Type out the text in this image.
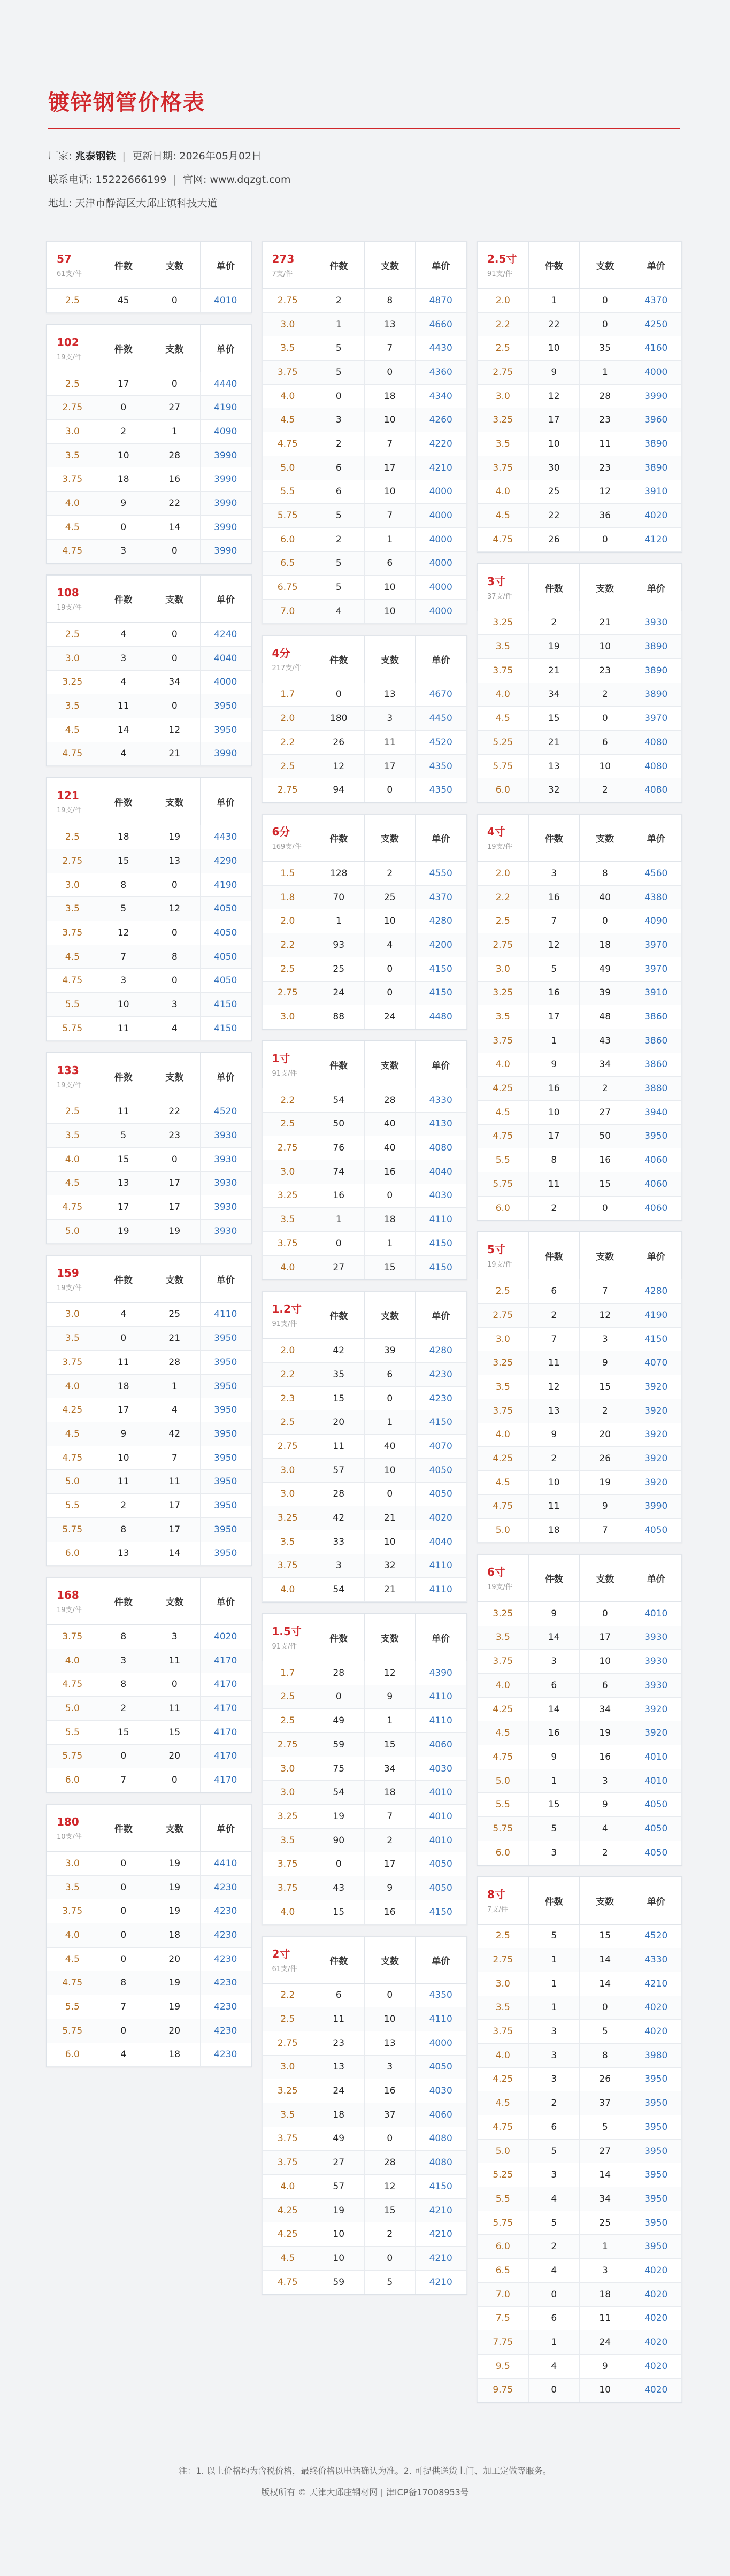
镀锌钢管价格表
厂家: 兆泰钢铁 | 更新日期: 2026年05月02日
联系电话: 15222666199 | 官网: www.dqzgt.com
地址: 天津市静海区大邱庄镇科技大道
57
61支/件	件数	支数	单价
2.5	45	0	4010
102
19支/件	件数	支数	单价
2.5	17	0	4440
2.75	0	27	4190
3.0	2	1	4090
3.5	10	28	3990
3.75	18	16	3990
4.0	9	22	3990
4.5	0	14	3990
4.75	3	0	3990
108
19支/件	件数	支数	单价
2.5	4	0	4240
3.0	3	0	4040
3.25	4	34	4000
3.5	11	0	3950
4.5	14	12	3950
4.75	4	21	3990
121
19支/件	件数	支数	单价
2.5	18	19	4430
2.75	15	13	4290
3.0	8	0	4190
3.5	5	12	4050
3.75	12	0	4050
4.5	7	8	4050
4.75	3	0	4050
5.5	10	3	4150
5.75	11	4	4150
133
19支/件	件数	支数	单价
2.5	11	22	4520
3.5	5	23	3930
4.0	15	0	3930
4.5	13	17	3930
4.75	17	17	3930
5.0	19	19	3930
159
19支/件	件数	支数	单价
3.0	4	25	4110
3.5	0	21	3950
3.75	11	28	3950
4.0	18	1	3950
4.25	17	4	3950
4.5	9	42	3950
4.75	10	7	3950
5.0	11	11	3950
5.5	2	17	3950
5.75	8	17	3950
6.0	13	14	3950
168
19支/件	件数	支数	单价
3.75	8	3	4020
4.0	3	11	4170
4.75	8	0	4170
5.0	2	11	4170
5.5	15	15	4170
5.75	0	20	4170
6.0	7	0	4170
180
10支/件	件数	支数	单价
3.0	0	19	4410
3.5	0	19	4230
3.75	0	19	4230
4.0	0	18	4230
4.5	0	20	4230
4.75	8	19	4230
5.5	7	19	4230
5.75	0	20	4230
6.0	4	18	4230
273
7支/件	件数	支数	单价
2.75	2	8	4870
3.0	1	13	4660
3.5	5	7	4430
3.75	5	0	4360
4.0	0	18	4340
4.5	3	10	4260
4.75	2	7	4220
5.0	6	17	4210
5.5	6	10	4000
5.75	5	7	4000
6.0	2	1	4000
6.5	5	6	4000
6.75	5	10	4000
7.0	4	10	4000
4分
217支/件	件数	支数	单价
1.7	0	13	4670
2.0	180	3	4450
2.2	26	11	4520
2.5	12	17	4350
2.75	94	0	4350
6分
169支/件	件数	支数	单价
1.5	128	2	4550
1.8	70	25	4370
2.0	1	10	4280
2.2	93	4	4200
2.5	25	0	4150
2.75	24	0	4150
3.0	88	24	4480
1寸
91支/件	件数	支数	单价
2.2	54	28	4330
2.5	50	40	4130
2.75	76	40	4080
3.0	74	16	4040
3.25	16	0	4030
3.5	1	18	4110
3.75	0	1	4150
4.0	27	15	4150
1.2寸
91支/件	件数	支数	单价
2.0	42	39	4280
2.2	35	6	4230
2.3	15	0	4230
2.5	20	1	4150
2.75	11	40	4070
3.0	57	10	4050
3.0	28	0	4050
3.25	42	21	4020
3.5	33	10	4040
3.75	3	32	4110
4.0	54	21	4110
1.5寸
91支/件	件数	支数	单价
1.7	28	12	4390
2.5	0	9	4110
2.5	49	1	4110
2.75	59	15	4060
3.0	75	34	4030
3.0	54	18	4010
3.25	19	7	4010
3.5	90	2	4010
3.75	0	17	4050
3.75	43	9	4050
4.0	15	16	4150
2寸
61支/件	件数	支数	单价
2.2	6	0	4350
2.5	11	10	4110
2.75	23	13	4000
3.0	13	3	4050
3.25	24	16	4030
3.5	18	37	4060
3.75	49	0	4080
3.75	27	28	4080
4.0	57	12	4150
4.25	19	15	4210
4.25	10	2	4210
4.5	10	0	4210
4.75	59	5	4210
2.5寸
91支/件	件数	支数	单价
2.0	1	0	4370
2.2	22	0	4250
2.5	10	35	4160
2.75	9	1	4000
3.0	12	28	3990
3.25	17	23	3960
3.5	10	11	3890
3.75	30	23	3890
4.0	25	12	3910
4.5	22	36	4020
4.75	26	0	4120
3寸
37支/件	件数	支数	单价
3.25	2	21	3930
3.5	19	10	3890
3.75	21	23	3890
4.0	34	2	3890
4.5	15	0	3970
5.25	21	6	4080
5.75	13	10	4080
6.0	32	2	4080
4寸
19支/件	件数	支数	单价
2.0	3	8	4560
2.2	16	40	4380
2.5	7	0	4090
2.75	12	18	3970
3.0	5	49	3970
3.25	16	39	3910
3.5	17	48	3860
3.75	1	43	3860
4.0	9	34	3860
4.25	16	2	3880
4.5	10	27	3940
4.75	17	50	3950
5.5	8	16	4060
5.75	11	15	4060
6.0	2	0	4060
5寸
19支/件	件数	支数	单价
2.5	6	7	4280
2.75	2	12	4190
3.0	7	3	4150
3.25	11	9	4070
3.5	12	15	3920
3.75	13	2	3920
4.0	9	20	3920
4.25	2	26	3920
4.5	10	19	3920
4.75	11	9	3990
5.0	18	7	4050
6寸
19支/件	件数	支数	单价
3.25	9	0	4010
3.5	14	17	3930
3.75	3	10	3930
4.0	6	6	3930
4.25	14	34	3920
4.5	16	19	3920
4.75	9	16	4010
5.0	1	3	4010
5.5	15	9	4050
5.75	5	4	4050
6.0	3	2	4050
8寸
7支/件	件数	支数	单价
2.5	5	15	4520
2.75	1	14	4330
3.0	1	14	4210
3.5	1	0	4020
3.75	3	5	4020
4.0	3	8	3980
4.25	3	26	3950
4.5	2	37	3950
4.75	6	5	3950
5.0	5	27	3950
5.25	3	14	3950
5.5	4	34	3950
5.75	5	25	3950
6.0	2	1	3950
6.5	4	3	4020
7.0	0	18	4020
7.5	6	11	4020
7.75	1	24	4020
9.5	4	9	4020
9.75	0	10	4020
注：1. 以上价格均为含税价格，最终价格以电话确认为准。2. 可提供送货上门、加工定做等服务。
版权所有 © 天津大邱庄钢材网 | 津ICP备17008953号
